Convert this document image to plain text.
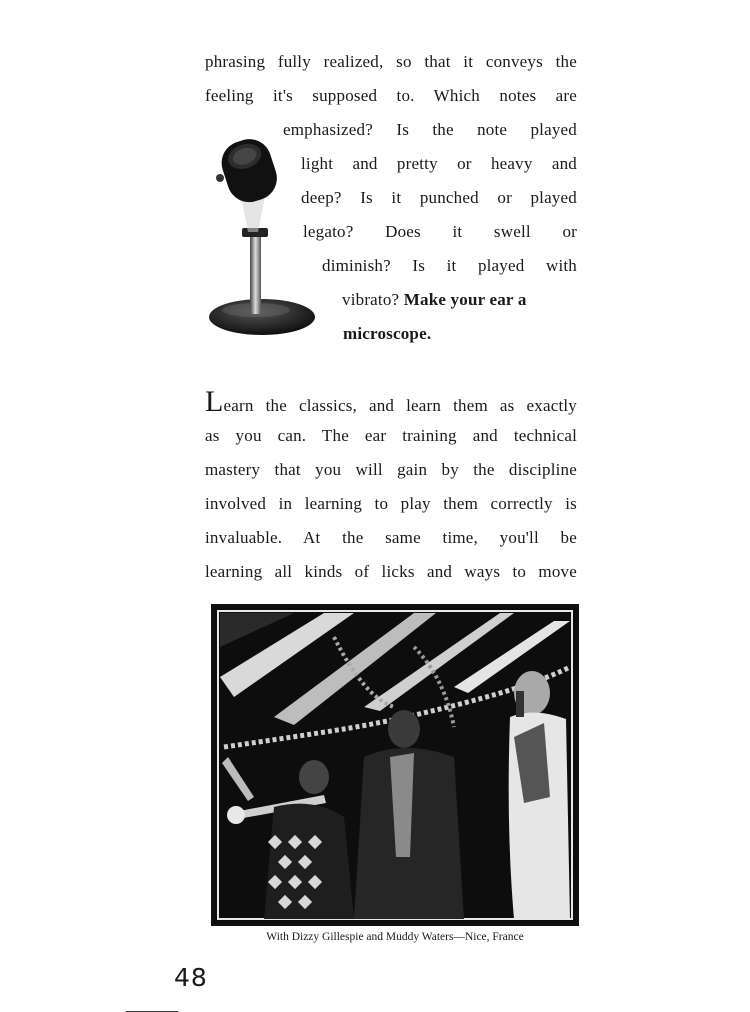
phrasing fully realized, so that it conveys the
feeling it's supposed to. Which notes are
emphasized? Is the note played
light and pretty or heavy and
deep? Is it punched or played
legato? Does it swell or
diminish? Is it played with
vibrato? Make your ear a
microscope.
Learn the classics, and learn them as exactly
as you can. The ear training and technical
mastery that you will gain by the discipline
involved in learning to play them correctly is
invaluable. At the same time, you'll be
learning all kinds of licks and ways to move
With Dizzy Gillespie and Muddy Waters—Nice, France
48
